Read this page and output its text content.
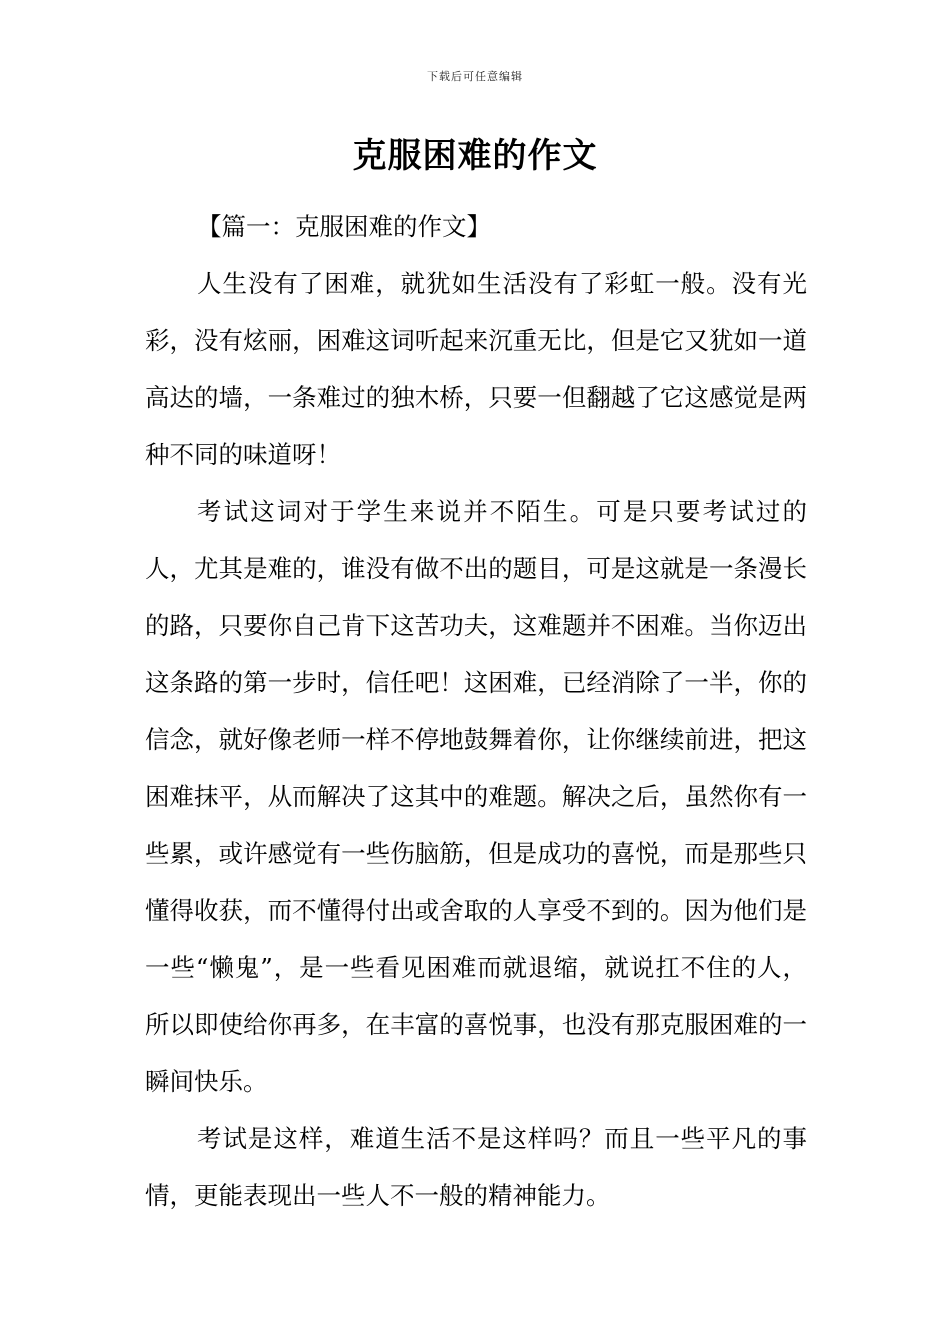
下载后可任意编辑
克服困难的作文

【篇一：克服困难的作文】

人生没有了困难，就犹如生活没有了彩虹一般。没有光彩，没有炫丽，困难这词听起来沉重无比，但是它又犹如一道高达的墙，一条难过的独木桥，只要一但翻越了它这感觉是两种不同的味道呀！

考试这词对于学生来说并不陌生。可是只要考试过的人，尤其是难的，谁没有做不出的题目，可是这就是一条漫长的路，只要你自己肯下这苦功夫，这难题并不困难。当你迈出这条路的第一步时，信任吧！这困难，已经消除了一半，你的信念，就好像老师一样不停地鼓舞着你，让你继续前进，把这困难抹平，从而解决了这其中的难题。解决之后，虽然你有一些累，或许感觉有一些伤脑筋，但是成功的喜悦，而是那些只懂得收获，而不懂得付出或舍取的人享受不到的。因为他们是一些“懒鬼”，是一些看见困难而就退缩，就说扛不住的人，所以即使给你再多，在丰富的喜悦事，也没有那克服困难的一瞬间快乐。

考试是这样，难道生活不是这样吗？而且一些平凡的事情，更能表现出一些人不一般的精神能力。
